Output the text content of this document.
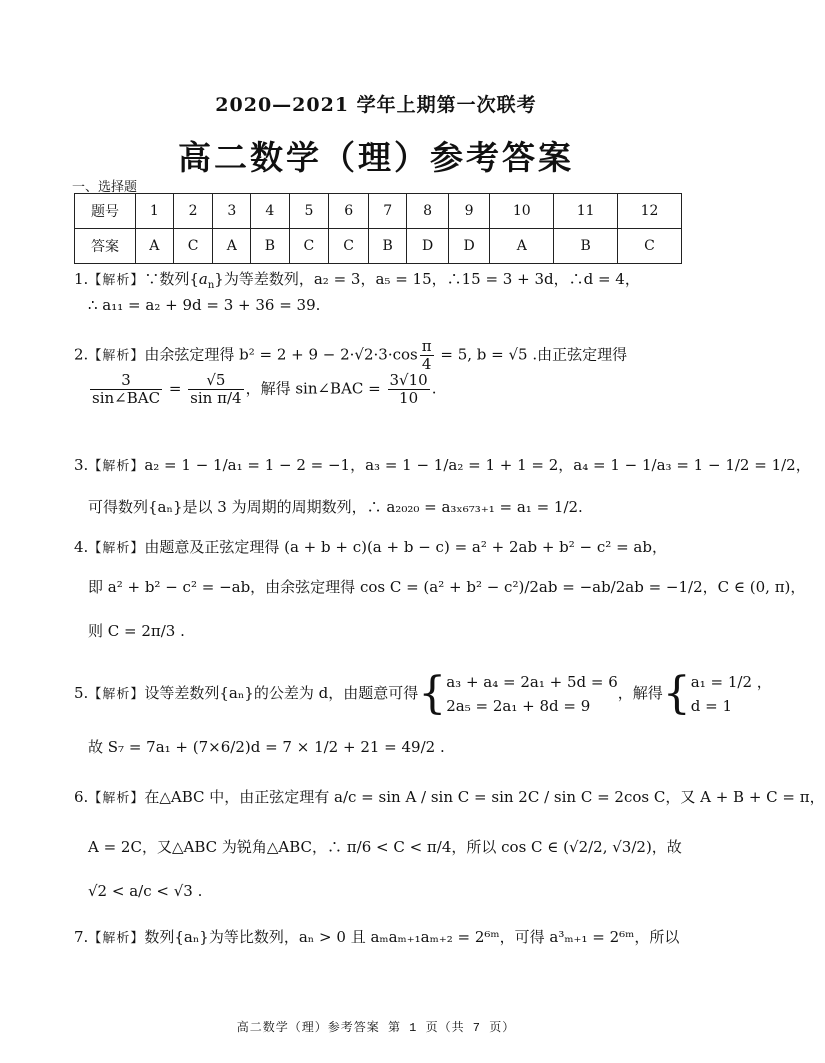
2020—2021 学年上期第一次联考
高二数学（理）参考答案
一、选择题
题号	1	2	3	4	5	6	7	8	9	10	11	12
答案	A	C	A	B	C	C	B	D	D	A	B	C
1.【解析】∵数列$\{a_n\}$为等差数列，a₂ = 3，a₅ = 15，∴15 = 3 + 3d，∴d = 4，
∴ a₁₁ = a₂ + 9d = 3 + 36 = 39.
2.【解析】由余弦定理得 $b^2 = 2 + 9 - 2\cdot√2\cdot 3\cdot\cos \frac{\pi}{4} = 5$, b = √5 .由正弦定理得
$\frac{3}{\text{sin∠BAC}} = \frac{√5}{\text{sin π/4}}$ ，解得 sin∠BAC = $\frac{3√10}{10}$ .
3.【解析】a₂ = 1 − 1/a₁ = 1 − 2 = −1，a₃ = 1 − 1/a₂ = 1 + 1 = 2，a₄ = 1 − 1/a₃ = 1 − 1/2 = 1/2，
可得数列{aₙ}是以 3 为周期的周期数列，∴ a₂₀₂₀ = a₃ₓ₆₇₃₊₁ = a₁ = 1/2.
4.【解析】由题意及正弦定理得 (a + b + c)(a + b − c) = a² + 2ab + b² − c² = ab，
即 a² + b² − c² = −ab，由余弦定理得 cos C = (a² + b² − c²)/2ab = −ab/2ab = −1/2，C ∈ (0, π)，
则 C = 2π/3 .
5.【解析】设等差数列{aₙ}的公差为 d，由题意可得{ a₃ + a₄ = 2a₁ + 5d = 6
2a₅ = 2a₁ + 8d = 9
，解得{ a₁ = 1/2 ，
d = 1
故 S₇ = 7a₁ + (7×6/2)d = 7 × 1/2 + 21 = 49/2 .
6.【解析】在△ABC 中，由正弦定理有 a/c = sin A / sin C = sin 2C / sin C = 2cos C，又 A + B + C = π，
A = 2C，又△ABC 为锐角△ABC，∴ π/6 < C < π/4，所以 cos C ∈ (√2/2, √3/2)，故
√2 < a/c < √3 .
7.【解析】数列{aₙ}为等比数列，aₙ > 0 且 aₘaₘ₊₁aₘ₊₂ = 2⁶ᵐ，可得 a³ₘ₊₁ = 2⁶ᵐ，所以
高二数学（理）参考答案 第 1 页（共 7 页）
